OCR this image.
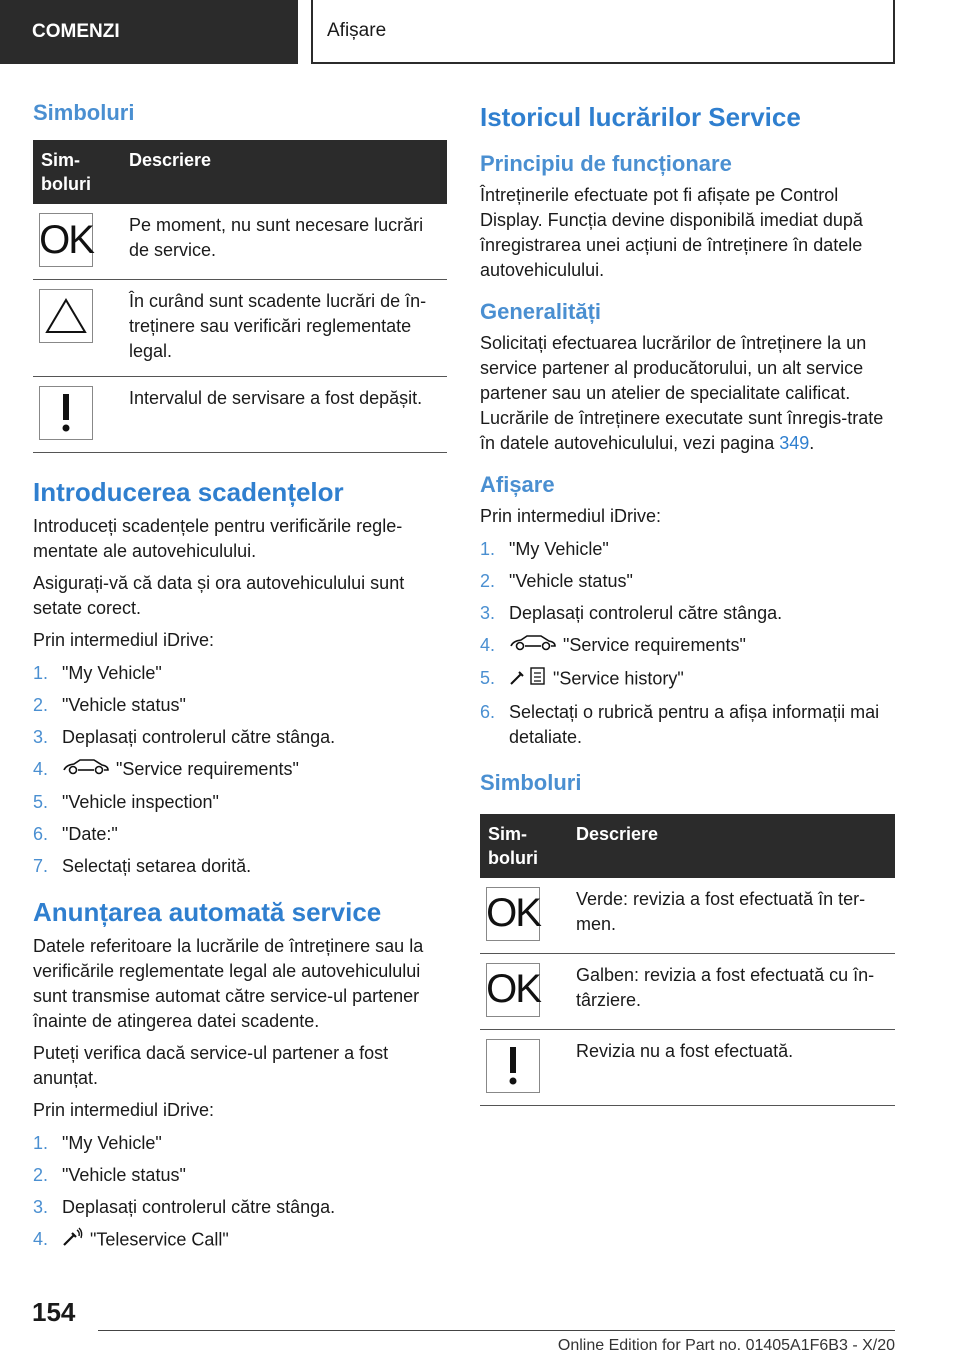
COMENZI	Afișare
Simboluri
Sim-
boluri	Descriere

OK	Pe moment, nu sunt necesare lucrări de service.

	În curând sunt scadente lucrări de în-treținere sau verificări reglementate legal.

	Intervalul de servisare a fost depășit.
Introducerea scadențelor

Introduceți scadențele pentru verificările regle-mentate ale autovehiculului.

Asigurați-vă că data și ora autovehiculului sunt setate corect.

Prin intermediul iDrive:

1. "My Vehicle"
2. "Vehicle status"
3. Deplasați controlerul către stânga.
4.	"Service requirements"
5. "Vehicle inspection"
6. "Date:"
7. Selectați setarea dorită.
Anunțarea automată service

Datele referitoare la lucrările de întreținere sau la verificările reglementate legal ale autovehiculului sunt transmise automat către service-ul partener înainte de atingerea datei scadente.

Puteți verifica dacă service-ul partener a fost anunțat.

Prin intermediul iDrive:

1. "My Vehicle"
2. "Vehicle status"
3. Deplasați controlerul către stânga.
4. "Teleservice Call"
Istoricul lucrărilor Service
Principiu de funcționare

Întreținerile efectuate pot fi afișate pe Control Display. Funcția devine disponibilă imediat după înregistrarea unei acțiuni de întreținere în datele autovehiculului.

Generalități

Solicitați efectuarea lucrărilor de întreținere la un service partener al producătorului, un alt service partener sau un atelier de specialitate calificat. Lucrările de întreținere executate sunt înregis-trate în datele autovehiculului, vezi pagina 349.

Afișare

Prin intermediul iDrive:

1. "My Vehicle"
2. "Vehicle status"
3. Deplasați controlerul către stânga.
4.	"Service requirements"
5.	"Service history"
6. Selectați o rubrică pentru a afișa informații mai detaliate.
Simboluri
Sim-
boluri	Descriere

OK	Verde: revizia a fost efectuată în ter-men.

OK	Galben: revizia a fost efectuată cu în-târziere.

	Revizia nu a fost efectuată.
154
Online Edition for Part no. 01405A1F6B3 - X/20
